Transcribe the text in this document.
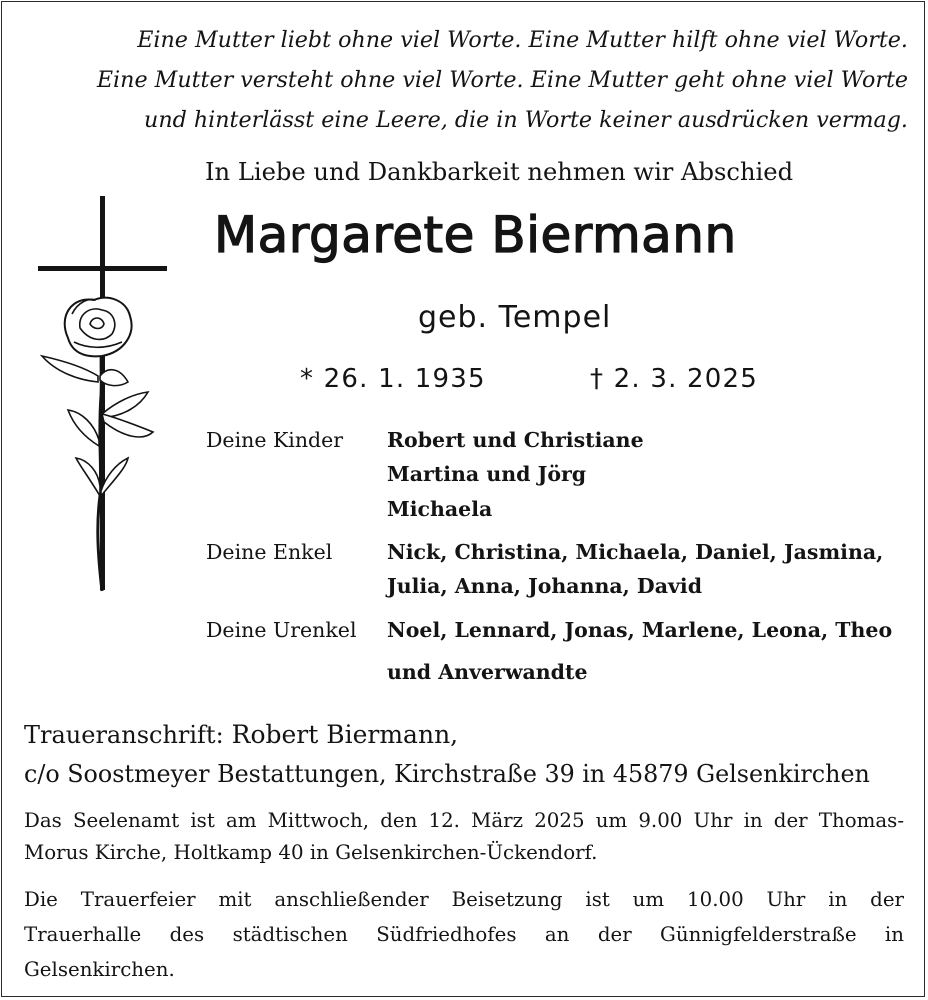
Eine Mutter liebt ohne viel Worte. Eine Mutter hilft ohne viel Worte.
Eine Mutter versteht ohne viel Worte. Eine Mutter geht ohne viel Worte
und hinterlässt eine Leere, die in Worte keiner ausdrücken vermag.
In Liebe und Dankbarkeit nehmen wir Abschied
Margarete Biermann
geb. Tempel
* 26. 1. 1935	† 2. 3. 2025
Deine Kinder Robert und Christiane
Martina und Jörg
Michaela
Deine Enkel	Nick, Christina, Michaela, Daniel, Jasmina,
Julia, Anna, Johanna, David
Deine Urenkel Noel, Lennard, Jonas, Marlene, Leona, Theo
und Anverwandte
Traueranschrift: Robert Biermann,
c/o Soostmeyer Bestattungen, Kirchstraße 39 in 45879 Gelsenkirchen
Das Seelenamt ist am Mittwoch, den 12. März 2025 um 9.00 Uhr in der Thomas-
Morus Kirche, Holtkamp 40 in Gelsenkirchen-Ückendorf.
Die Trauerfeier mit anschließender Beisetzung ist um 10.00 Uhr in der
Trauerhalle des städtischen Südfriedhofes an der Günnigfelderstraße in
Gelsenkirchen.
